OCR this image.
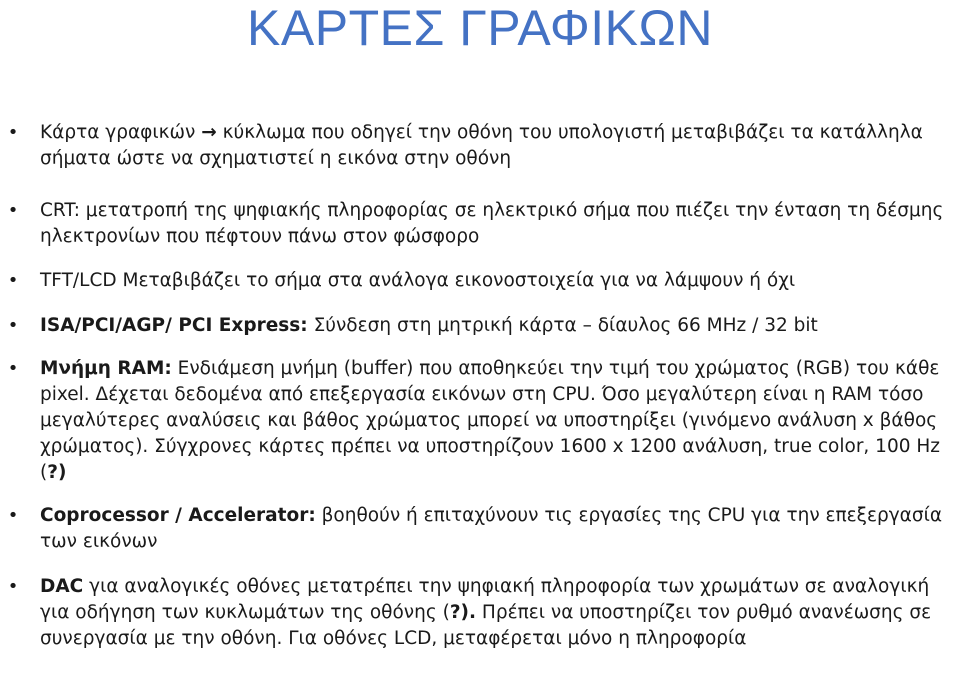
ΚΑΡΤΕΣ ΓΡΑΦΙΚΩΝ
• Κάρτα γραφικών → κύκλωμα που οδηγεί την οθόνη του υπολογιστή μεταβιβάζει τα κατάλληλα σήματα ώστε να σχηματιστεί η εικόνα στην οθόνη
• CRT: μετατροπή της ψηφιακής πληροφορίας σε ηλεκτρικό σήμα που πιέζει την ένταση τη δέσμης ηλεκτρονίων που πέφτουν πάνω στον φώσφορο
• TFT/LCD Μεταβιβάζει το σήμα στα ανάλογα εικονοστοιχεία για να λάμψουν ή όχι
• ISA/PCI/AGP/ PCI Express: Σύνδεση στη μητρική κάρτα – δίαυλος 66 MHz / 32 bit
• Μνήμη RAM: Ενδιάμεση μνήμη (buffer) που αποθηκεύει την τιμή του χρώματος (RGB) του κάθε pixel. Δέχεται δεδομένα από επεξεργασία εικόνων στη CPU. Όσο μεγαλύτερη είναι η RAM τόσο μεγαλύτερες αναλύσεις και βάθος χρώματος μπορεί να υποστηρίξει (γινόμενο ανάλυση x βάθος χρώματος). Σύγχρονες κάρτες πρέπει να υποστηρίζουν 1600 x 1200 ανάλυση, true color, 100 Hz (?)
• Coprocessor / Accelerator: βοηθούν ή επιταχύνουν τις εργασίες της CPU για την επεξεργασία των εικόνων
• DAC για αναλογικές οθόνες μετατρέπει την ψηφιακή πληροφορία των χρωμάτων σε αναλογική για οδήγηση των κυκλωμάτων της οθόνης (?). Πρέπει να υποστηρίζει τον ρυθμό ανανέωσης σε συνεργασία με την οθόνη. Για οθόνες LCD, μεταφέρεται μόνο η πληροφορία
